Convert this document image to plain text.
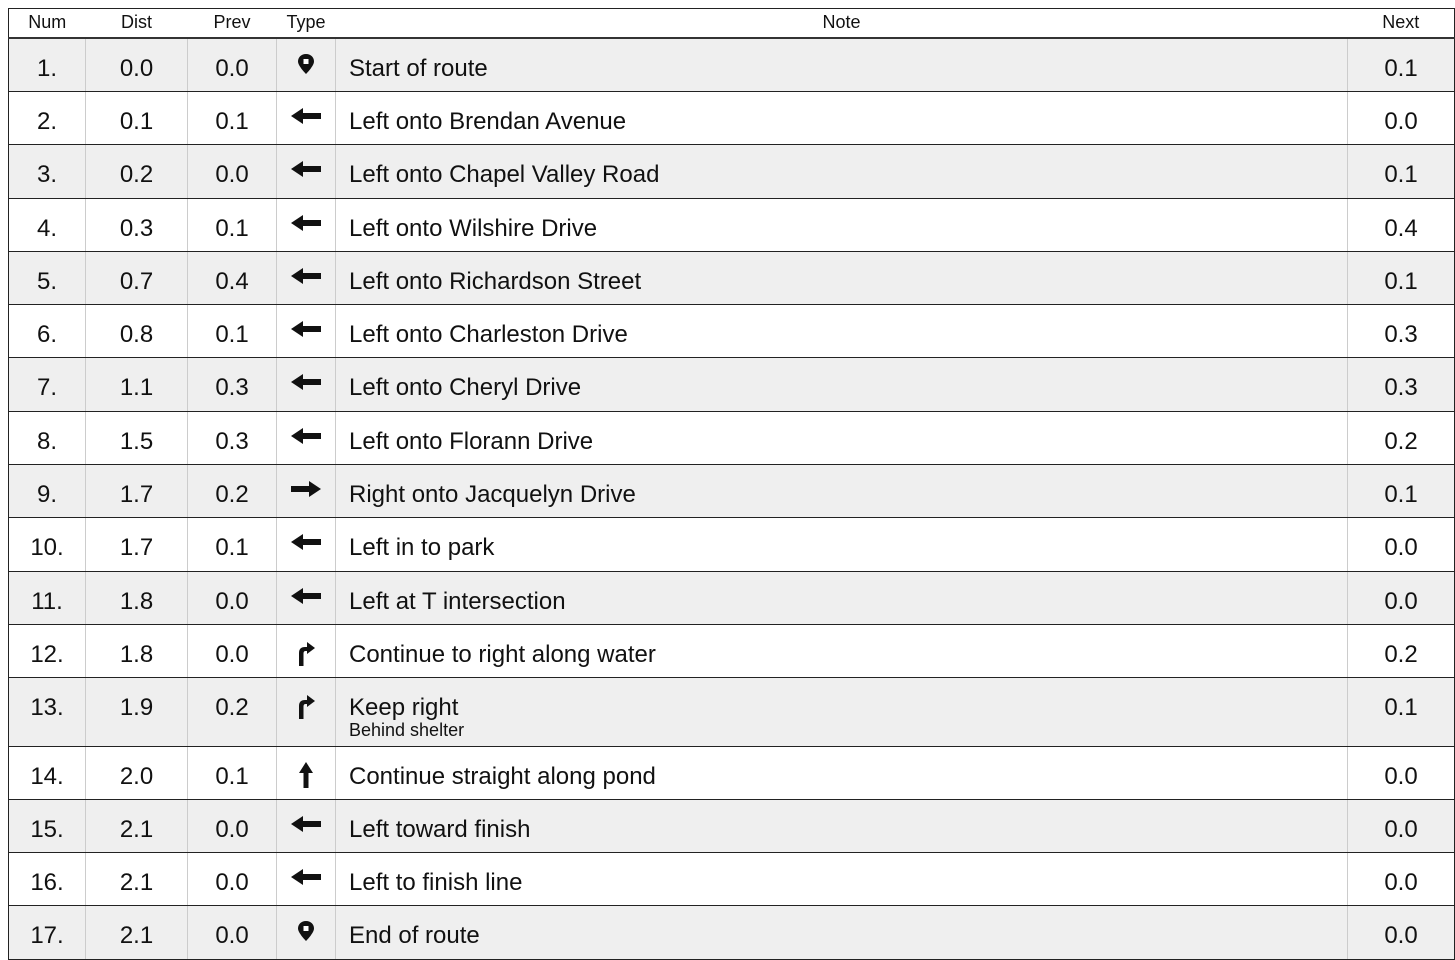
Num	Dist	Prev	Type	Note	Next
1.	0.0	0.0		Start of route	0.1
2.	0.1	0.1		Left onto Brendan Avenue	0.0
3.	0.2	0.0		Left onto Chapel Valley Road	0.1
4.	0.3	0.1		Left onto Wilshire Drive	0.4
5.	0.7	0.4		Left onto Richardson Street	0.1
6.	0.8	0.1		Left onto Charleston Drive	0.3
7.	1.1	0.3		Left onto Cheryl Drive	0.3
8.	1.5	0.3		Left onto Florann Drive	0.2
9.	1.7	0.2		Right onto Jacquelyn Drive	0.1
10.	1.7	0.1		Left in to park	0.0
11.	1.8	0.0		Left at T intersection	0.0
12.	1.8	0.0		Continue to right along water	0.2
13.	1.9	0.2		Keep right
Behind shelter	0.1
14.	2.0	0.1		Continue straight along pond	0.0
15.	2.1	0.0		Left toward finish	0.0
16.	2.1	0.0		Left to finish line	0.0
17.	2.1	0.0		End of route	0.0
